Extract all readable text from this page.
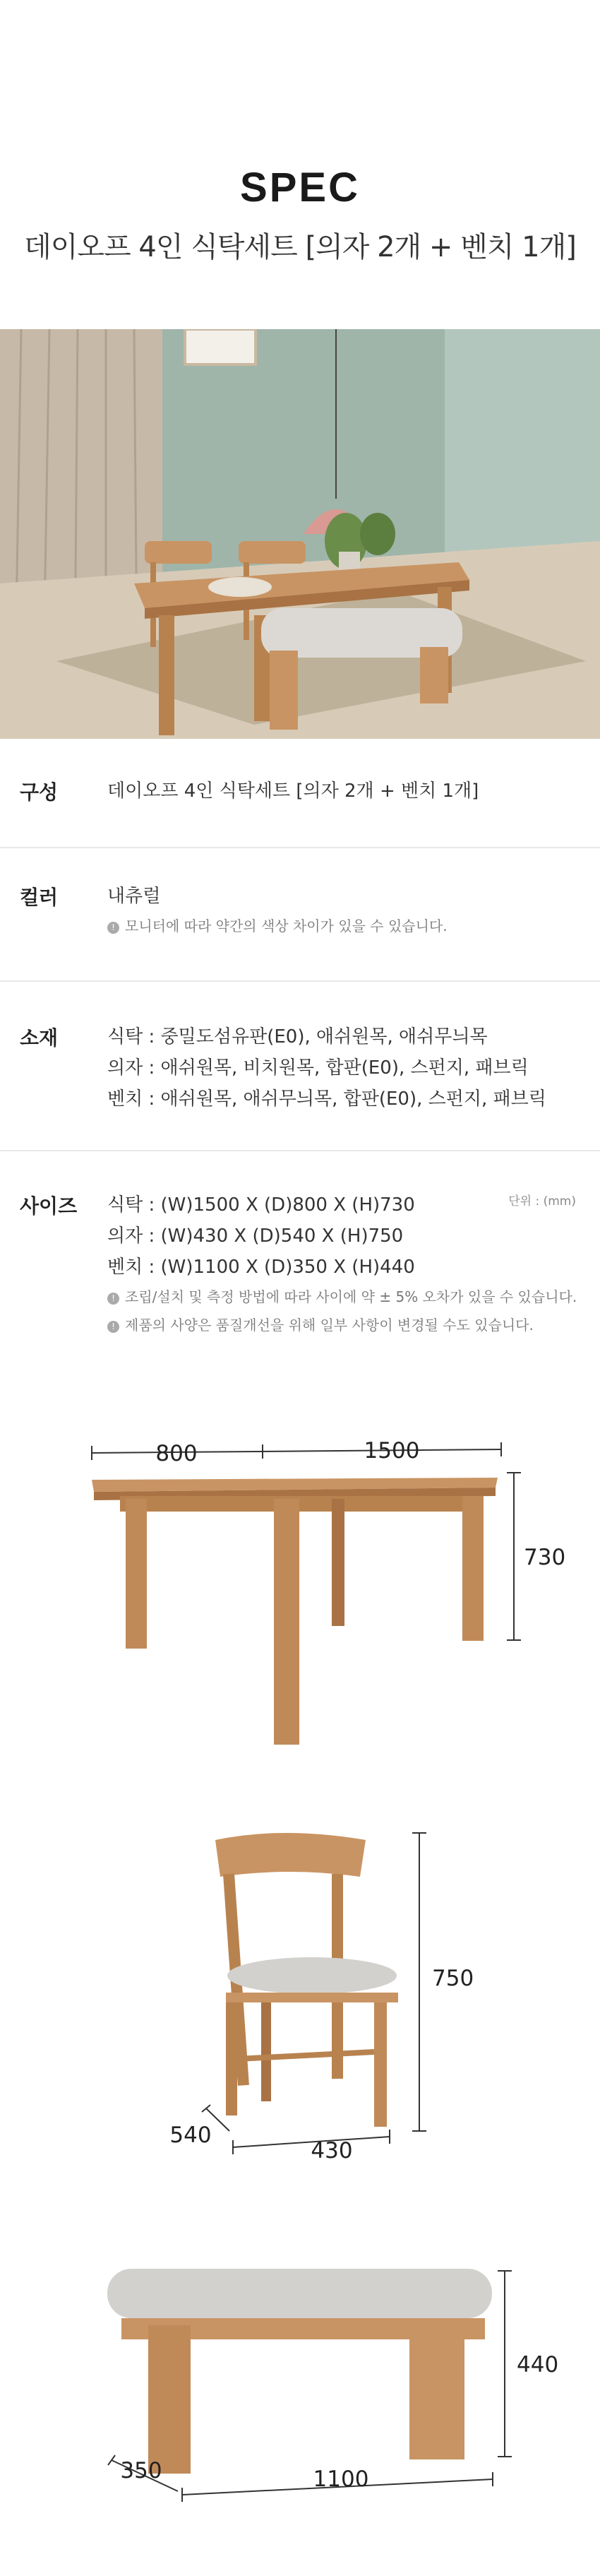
SPEC
데이오프 4인 식탁세트 [의자 2개 + 벤치 1개]
구성	데이오프 4인 식탁세트 [의자 2개 + 벤치 1개]
컬러	내츄럴
! 모니터에 따라 약간의 색상 차이가 있을 수 있습니다.
소재	식탁 : 중밀도섬유판(E0), 애쉬원목, 애쉬무늬목
의자 : 애쉬원목, 비치원목, 합판(E0), 스펀지, 패브릭
벤치 : 애쉬원목, 애쉬무늬목, 합판(E0), 스펀지, 패브릭
사이즈	단위 : (mm)
식탁 : (W)1500 X (D)800 X (H)730
의자 : (W)430 X (D)540 X (H)750
벤치 : (W)1100 X (D)350 X (H)440
! 조립/설치 및 측정 방법에 따라 사이에 약 ± 5% 오차가 있을 수 있습니다.
! 제품의 사양은 품질개선을 위해 일부 사항이 변경될 수도 있습니다.
800	1500
730
750
540
430
440
350	1100
